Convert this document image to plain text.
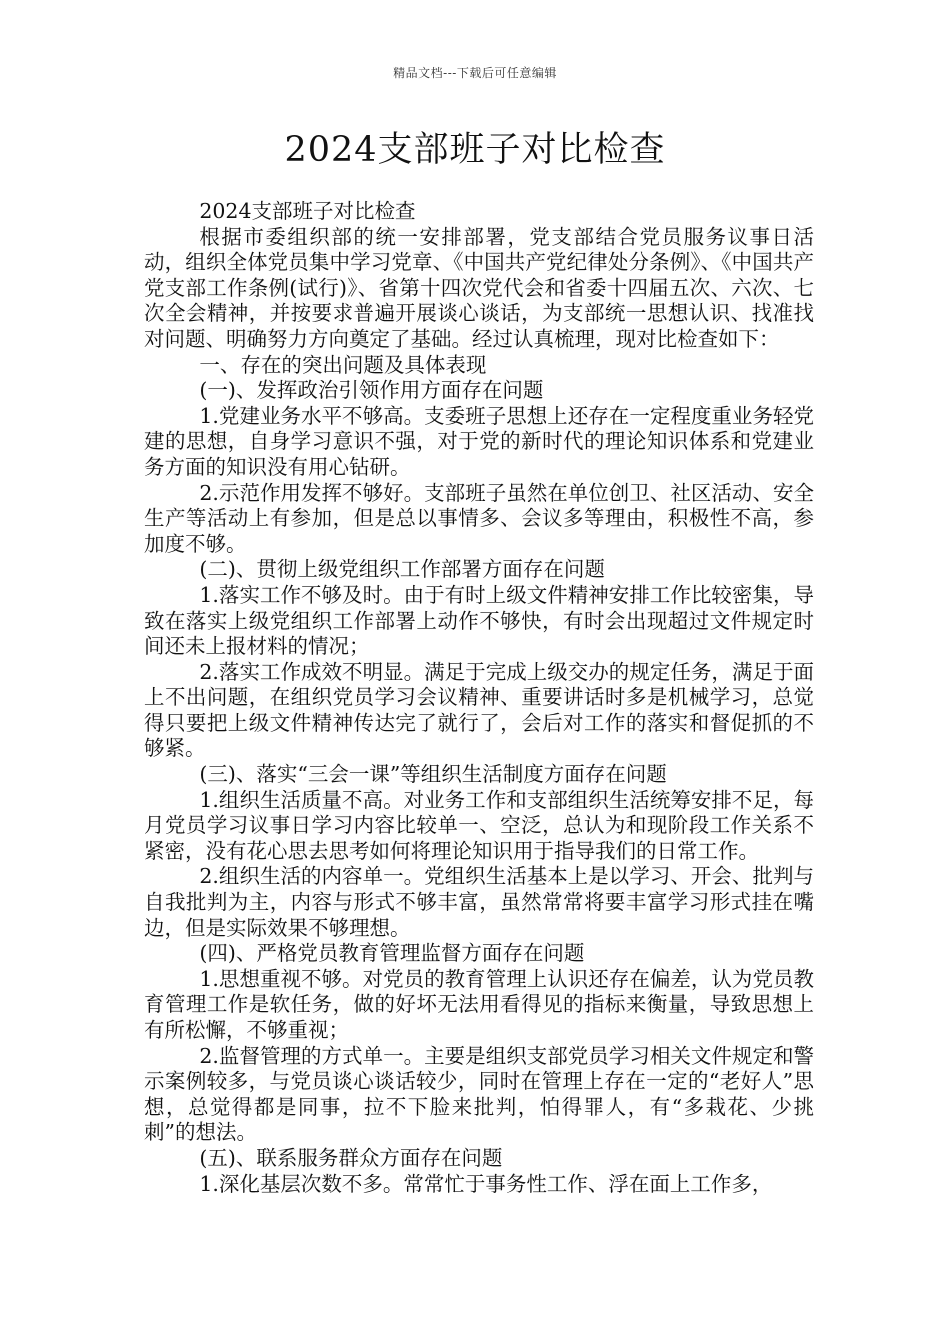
精品文档---下载后可任意编辑
2024支部班子对比检查

2024支部班子对比检查

根据市委组织部的统一安排部署，党支部结合党员服务议事日活动，组织全体党员集中学习党章、《中国共产党纪律处分条例》、《中国共产党支部工作条例(试行)》、省第十四次党代会和省委十四届五次、六次、七次全会精神，并按要求普遍开展谈心谈话，为支部统一思想认识、找准找对问题、明确努力方向奠定了基础。经过认真梳理，现对比检查如下：

一、存在的突出问题及具体表现

(一)、发挥政治引领作用方面存在问题

1.党建业务水平不够高。支委班子思想上还存在一定程度重业务轻党建的思想，自身学习意识不强，对于党的新时代的理论知识体系和党建业务方面的知识没有用心钻研。

2.示范作用发挥不够好。支部班子虽然在单位创卫、社区活动、安全生产等活动上有参加，但是总以事情多、会议多等理由，积极性不高，参加度不够。

(二)、贯彻上级党组织工作部署方面存在问题

1.落实工作不够及时。由于有时上级文件精神安排工作比较密集，导致在落实上级党组织工作部署上动作不够快，有时会出现超过文件规定时间还未上报材料的情况；

2.落实工作成效不明显。满足于完成上级交办的规定任务，满足于面上不出问题，在组织党员学习会议精神、重要讲话时多是机械学习，总觉得只要把上级文件精神传达完了就行了，会后对工作的落实和督促抓的不够紧。

(三)、落实“三会一课”等组织生活制度方面存在问题

1.组织生活质量不高。对业务工作和支部组织生活统筹安排不足，每月党员学习议事日学习内容比较单一、空泛，总认为和现阶段工作关系不紧密，没有花心思去思考如何将理论知识用于指导我们的日常工作。

2.组织生活的内容单一。党组织生活基本上是以学习、开会、批判与自我批判为主，内容与形式不够丰富，虽然常常将要丰富学习形式挂在嘴边，但是实际效果不够理想。

(四)、严格党员教育管理监督方面存在问题

1.思想重视不够。对党员的教育管理上认识还存在偏差，认为党员教育管理工作是软任务，做的好坏无法用看得见的指标来衡量，导致思想上有所松懈，不够重视；

2.监督管理的方式单一。主要是组织支部党员学习相关文件规定和警示案例较多，与党员谈心谈话较少，同时在管理上存在一定的“老好人”思想，总觉得都是同事，拉不下脸来批判，怕得罪人，有“多栽花、少挑刺”的想法。

(五)、联系服务群众方面存在问题

1.深化基层次数不多。常常忙于事务性工作、浮在面上工作多，
